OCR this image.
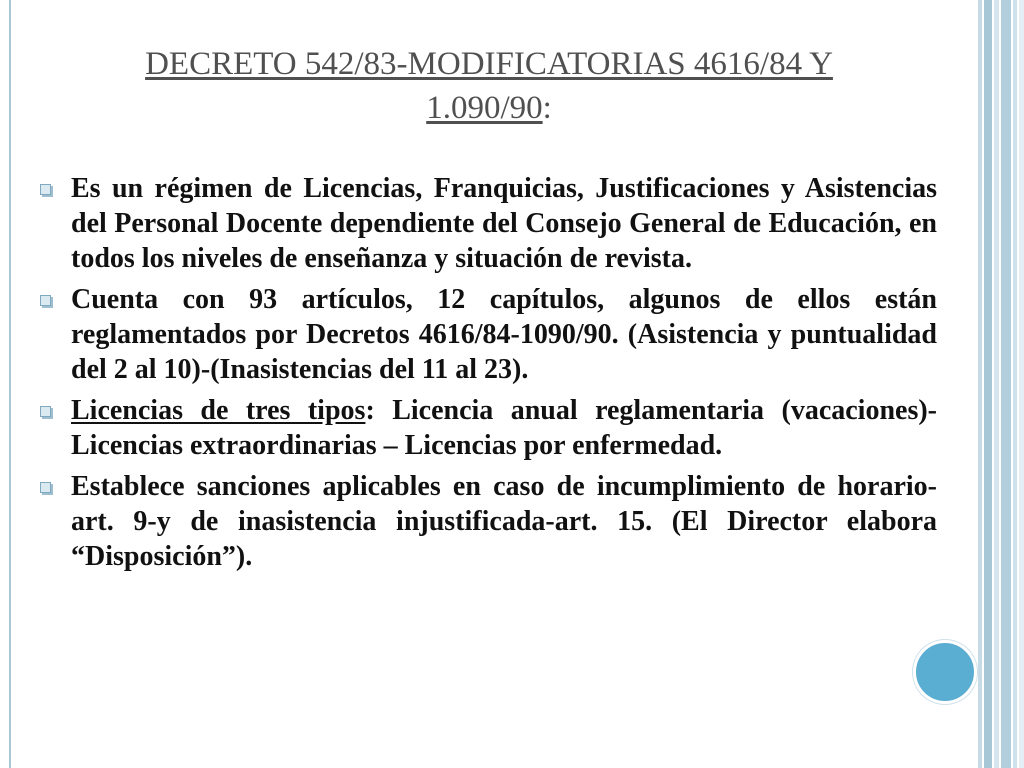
DECRETO 542/83-MODIFICATORIAS 4616/84 Y
1.090/90:
Es un régimen de Licencias, Franquicias, Justificaciones y Asistencias del Personal Docente dependiente del Consejo General de Educación, en todos los niveles de enseñanza y situación de revista.
Cuenta con 93 artículos, 12 capítulos, algunos de ellos están reglamentados por Decretos 4616/84-1090/90. (Asistencia y puntualidad del 2 al 10)-(Inasistencias del 11 al 23).
Licencias de tres tipos: Licencia anual reglamentaria (vacaciones)-Licencias extraordinarias – Licencias por enfermedad.
Establece sanciones aplicables en caso de incumplimiento de horario-art. 9-y de inasistencia injustificada-art. 15. (El Director elabora “Disposición”).
